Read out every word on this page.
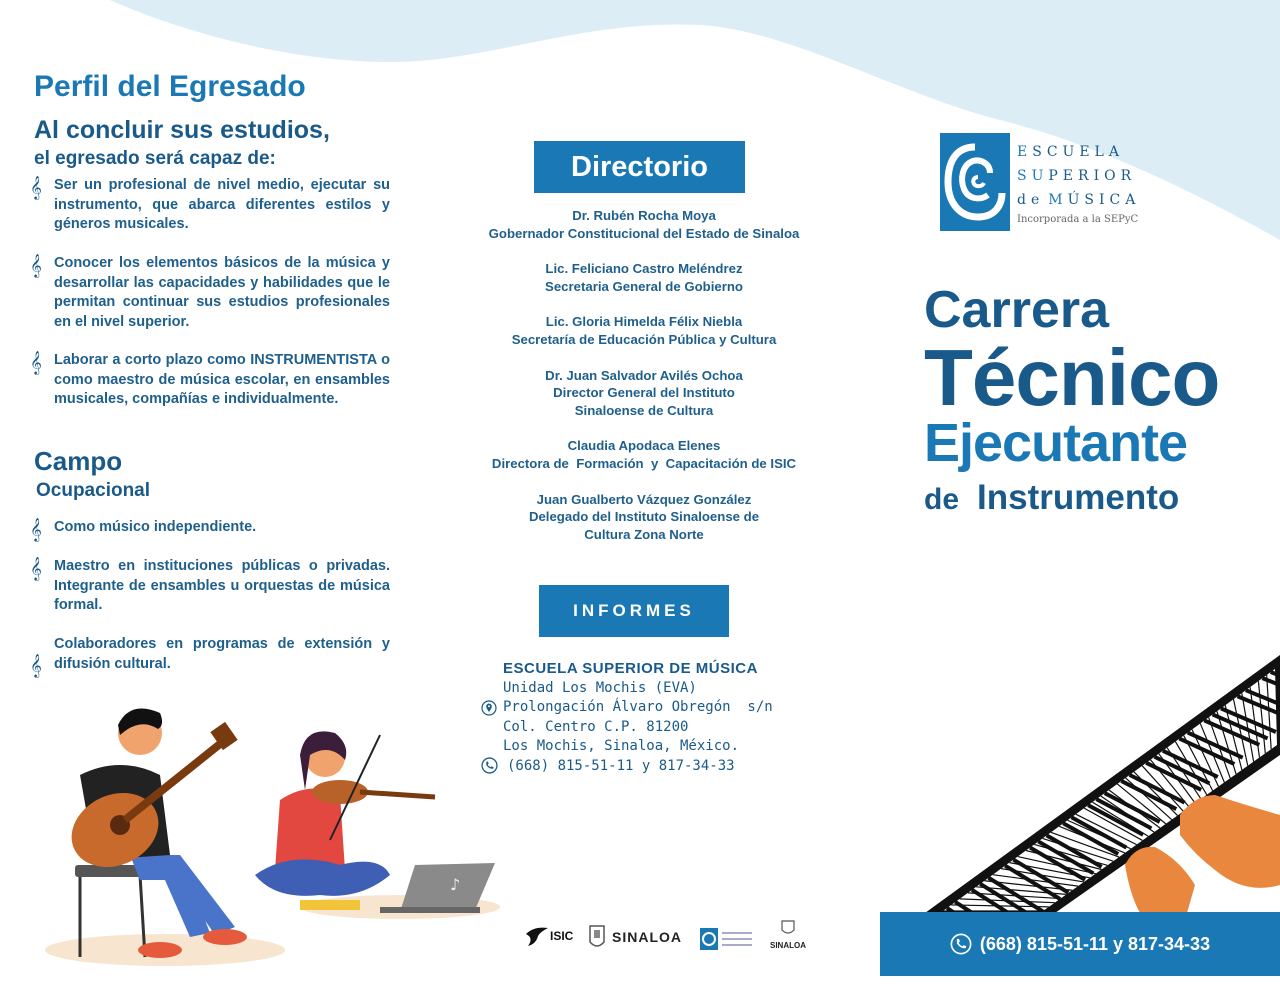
Perfil del Egresado
Al concluir sus estudios,
el egresado será capaz de:
𝄞 Ser un profesional de nivel medio, ejecutar su instrumento, que abarca diferentes estilos y géneros musicales.
𝄞 Conocer los elementos básicos de la música y desarrollar las capacidades y habilidades que le permitan continuar sus estudios profesionales en el nivel superior.
𝄞 Laborar a corto plazo como INSTRUMENTISTA o como maestro de música escolar, en ensambles musicales, compañías e individualmente.
Campo
Ocupacional
𝄞 Como músico independiente.
𝄞 Maestro en instituciones públicas o privadas. Integrante de ensambles u orquestas de música formal.
𝄞
Colaboradores en programas de extensión y difusión cultural.
♪
Directorio
Dr. Rubén Rocha Moya
Gobernador Constitucional del Estado de Sinaloa
Lic. Feliciano Castro Meléndrez
Secretaria General de Gobierno
Lic. Gloria Himelda Félix Niebla
Secretaría de Educación Pública y Cultura
Dr. Juan Salvador Avilés Ochoa
Director General del Instituto
Sinaloense de Cultura
Claudia Apodaca Elenes
Directora de  Formación  y  Capacitación de ISIC
Juan Gualberto Vázquez González
Delegado del Instituto Sinaloense de
Cultura Zona Norte
INFORMES
ESCUELA SUPERIOR DE MÚSICA
Unidad Los Mochis (EVA)
Prolongación Álvaro Obregón  s/n
Col. Centro C.P. 81200
Los Mochis, Sinaloa, México.
(668) 815-51-11 y 817-34-33
ISIC	SINALOA
SINALOA
ESCUELA
SUPERIOR
de MÚSICA
Incorporada a la SEPyC
Carrera
Técnico
Ejecutante
de Instrumento
(668) 815-51-11 y 817-34-33
